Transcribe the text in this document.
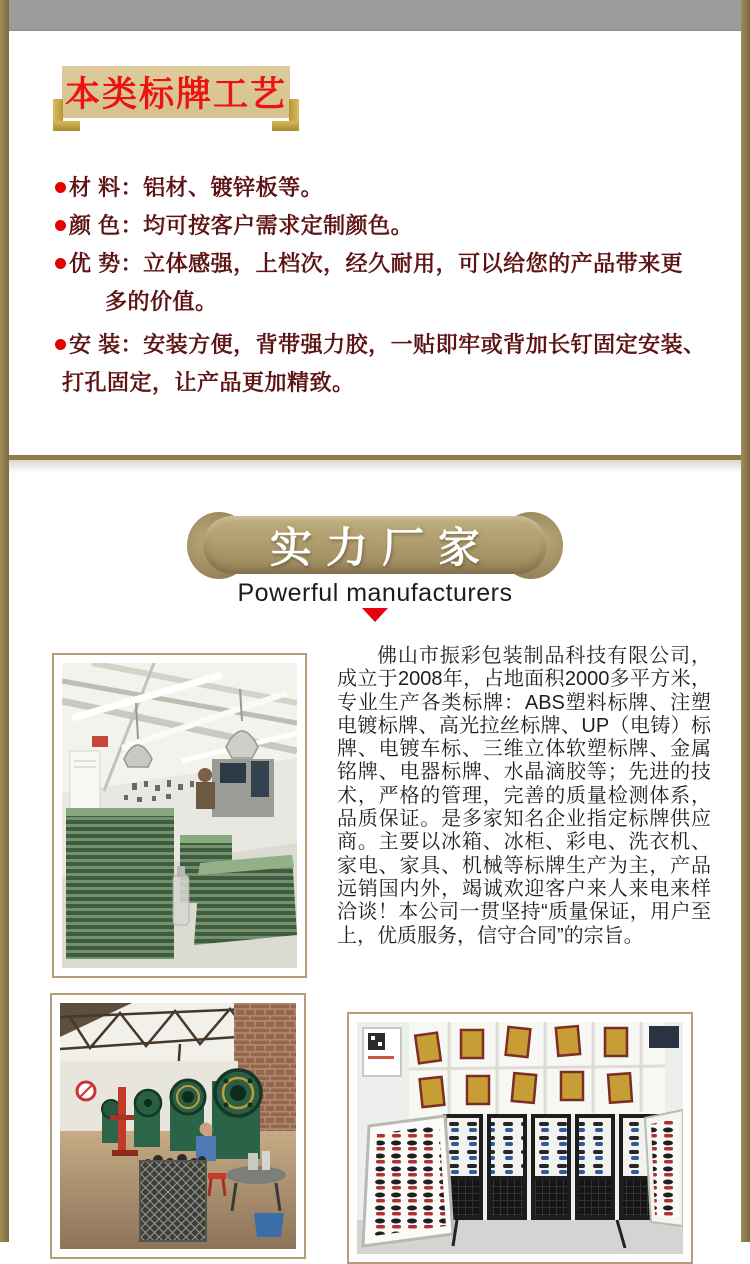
本类标牌工艺
材 料：铝材、镀锌板等。
颜 色：均可按客户需求定制颜色。
优 势：立体感强，上档次，经久耐用，可以给您的产品带来更
多的价值。
安 装：安装方便，背带强力胶，一贴即牢或背加长钉固定安装、
打孔固定，让产品更加精致。
实力厂家
Powerful manufacturers
佛山市振彩包装制品科技有限公司，成立于2008年，占地面积2000多平方米，专业生产各类标牌：ABS塑料标牌、注塑电镀标牌、高光拉丝标牌、UP（电铸）标牌、电镀车标、三维立体软塑标牌、金属铭牌、电器标牌、水晶滴胶等；先进的技术，严格的管理，完善的质量检测体系，品质保证。是多家知名企业指定标牌供应商。主要以冰箱、冰柜、彩电、洗衣机、家电、家具、机械等标牌生产为主，产品远销国内外，竭诚欢迎客户来人来电来样洽谈！本公司一贯坚持“质量保证，用户至上，优质服务，信守合同”的宗旨。
